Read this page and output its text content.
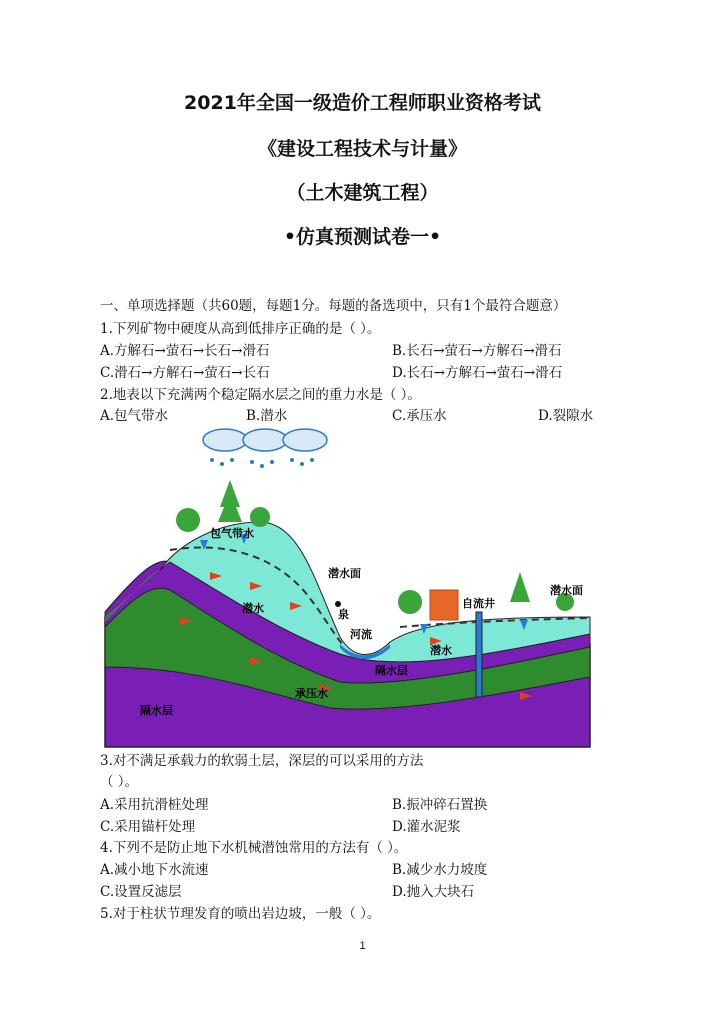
2021年全国一级造价工程师职业资格考试
《建设工程技术与计量》
（土木建筑工程）
•仿真预测试卷一•
一、单项选择题（共60题，每题1分。每题的备选项中，只有1个最符合题意）
1.下列矿物中硬度从高到低排序正确的是（ ）。
A.方解石→萤石→长石→滑石	B.长石→萤石→方解石→滑石
C.滑石→方解石→萤石→长石	D.长石→方解石→萤石→滑石
2.地表以下充满两个稳定隔水层之间的重力水是（ ）。
A.包气带水	B.潜水	C.承压水	D.裂隙水
包气带水
潜水面
泉
河流
潜水
潜水
隔水层
承压水
隔水层
自流井
潜水面
3.对不满足承载力的软弱土层，深层的可以采用的方法
（ ）。
A.采用抗滑桩处理	B.振冲碎石置换
C.采用锚杆处理	D.灌水泥浆
4.下列不是防止地下水机械潜蚀常用的方法有（ ）。
A.减小地下水流速	B.减少水力坡度
C.设置反滤层	D.抛入大块石
5.对于柱状节理发育的喷出岩边坡，一般（ ）。
1
